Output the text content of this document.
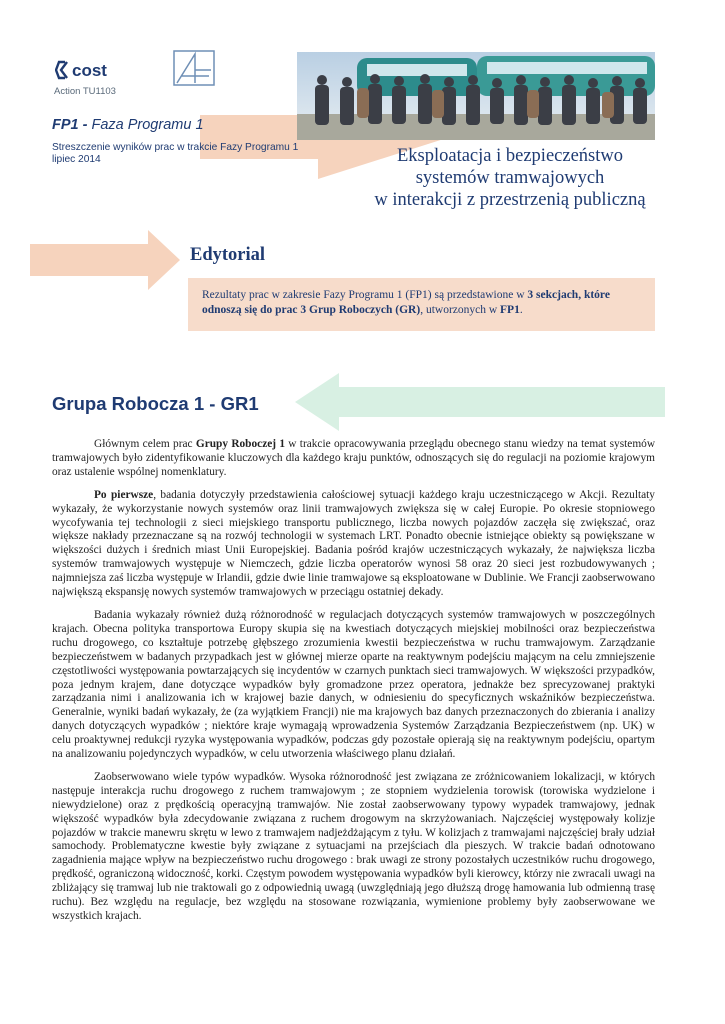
cost
Action TU1103
FP1 - Faza Programu 1
Streszczenie wyników prac w trakcie Fazy Programu 1
lipiec 2014	Eksploatacja i bezpieczeństwo
systemów tramwajowych
w interakcji z przestrzenią publiczną
Edytorial
Rezultaty prac w zakresie Fazy Programu 1 (FP1) są przedstawione w 3 sekcjach, które odnoszą się do prac 3 Grup Roboczych (GR), utworzonych w FP1.
Grupa Robocza 1 - GR1

Głównym celem prac Grupy Roboczej 1 w trakcie opracowywania przeglądu obecnego stanu wiedzy na temat systemów tramwajowych było zidentyfikowanie kluczowych dla każdego kraju punktów, odnoszących się do regulacji na poziomie krajowym oraz ustalenie wspólnej nomenklatury.

Po pierwsze, badania dotyczyły przedstawienia całościowej sytuacji każdego kraju uczestniczącego w Akcji. Rezultaty wykazały, że wykorzystanie nowych systemów oraz linii tramwajowych zwiększa się w całej Europie. Po okresie stopniowego wycofywania tej technologii z sieci miejskiego transportu publicznego, liczba nowych pojazdów zaczęła się zwiększać, oraz większe nakłady przeznaczane są na rozwój technologii w systemach LRT. Ponadto obecnie istniejące obiekty są powiększane w większości dużych i średnich miast Unii Europejskiej. Badania pośród krajów uczestniczących wykazały, że największa liczba systemów tramwajowych występuje w Niemczech, gdzie liczba operatorów wynosi 58 oraz 20 sieci jest rozbudowywanych ; najmniejsza zaś liczba występuje w Irlandii, gdzie dwie linie tramwajowe są eksploatowane w Dublinie. We Francji zaobserwowano największą ekspansję nowych systemów tramwajowych w przeciągu ostatniej dekady.

Badania wykazały również dużą różnorodność w regulacjach dotyczących systemów tramwajowych w poszczególnych krajach. Obecna polityka transportowa Europy skupia się na kwestiach dotyczących miejskiej mobilności oraz bezpieczeństwa ruchu drogowego, co kształtuje potrzebę głębszego zrozumienia kwestii bezpieczeństwa w ruchu tramwajowym. Zarządzanie bezpieczeństwem w badanych przypadkach jest w głównej mierze oparte na reaktywnym podejściu mającym na celu zmniejszenie częstotliwości występowania powtarzających się incydentów w czarnych punktach sieci tramwajowych. W większości przypadków, poza jednym krajem, dane dotyczące wypadków były gromadzone przez operatora, jednakże bez sprecyzowanej praktyki zarządzania nimi i analizowania ich w krajowej bazie danych, w odniesieniu do specyficznych wskaźników bezpieczeństwa. Generalnie, wyniki badań wykazały, że (za wyjątkiem Francji) nie ma krajowych baz danych przeznaczonych do zbierania i analizy danych dotyczących wypadków ; niektóre kraje wymagają wprowadzenia Systemów Zarządzania Bezpieczeństwem (np. UK) w celu proaktywnej redukcji ryzyka występowania wypadków, podczas gdy pozostałe opierają się na reaktywnym podejściu, opartym na analizowaniu pojedynczych wypadków, w celu utworzenia właściwego planu działań.

Zaobserwowano wiele typów wypadków. Wysoka różnorodność jest związana ze zróżnicowaniem lokalizacji, w których następuje interakcja ruchu drogowego z ruchem tramwajowym ; ze stopniem wydzielenia torowisk (torowiska wydzielone i niewydzielone) oraz z prędkością operacyjną tramwajów. Nie został zaobserwowany typowy wypadek tramwajowy, jednak większość wypadków była zdecydowanie związana z ruchem drogowym na skrzyżowaniach. Najczęściej występowały kolizje pojazdów w trakcie manewru skrętu w lewo z tramwajem nadjeżdżającym z tyłu. W kolizjach z tramwajami najczęściej brały udział samochody. Problematyczne kwestie były związane z sytuacjami na przejściach dla pieszych. W trakcie badań odnotowano zagadnienia mające wpływ na bezpieczeństwo ruchu drogowego : brak uwagi ze strony pozostałych uczestników ruchu drogowego, prędkość, ograniczoną widoczność, korki. Częstym powodem występowania wypadków byli kierowcy, którzy nie zwracali uwagi na zbliżający się tramwaj lub nie traktowali go z odpowiednią uwagą (uwzględniają jego dłuższą drogę hamowania lub odmienną trasę ruchu). Bez względu na regulacje, bez względu na stosowane rozwiązania, wymienione problemy były zaobserwowane we wszystkich krajach.
